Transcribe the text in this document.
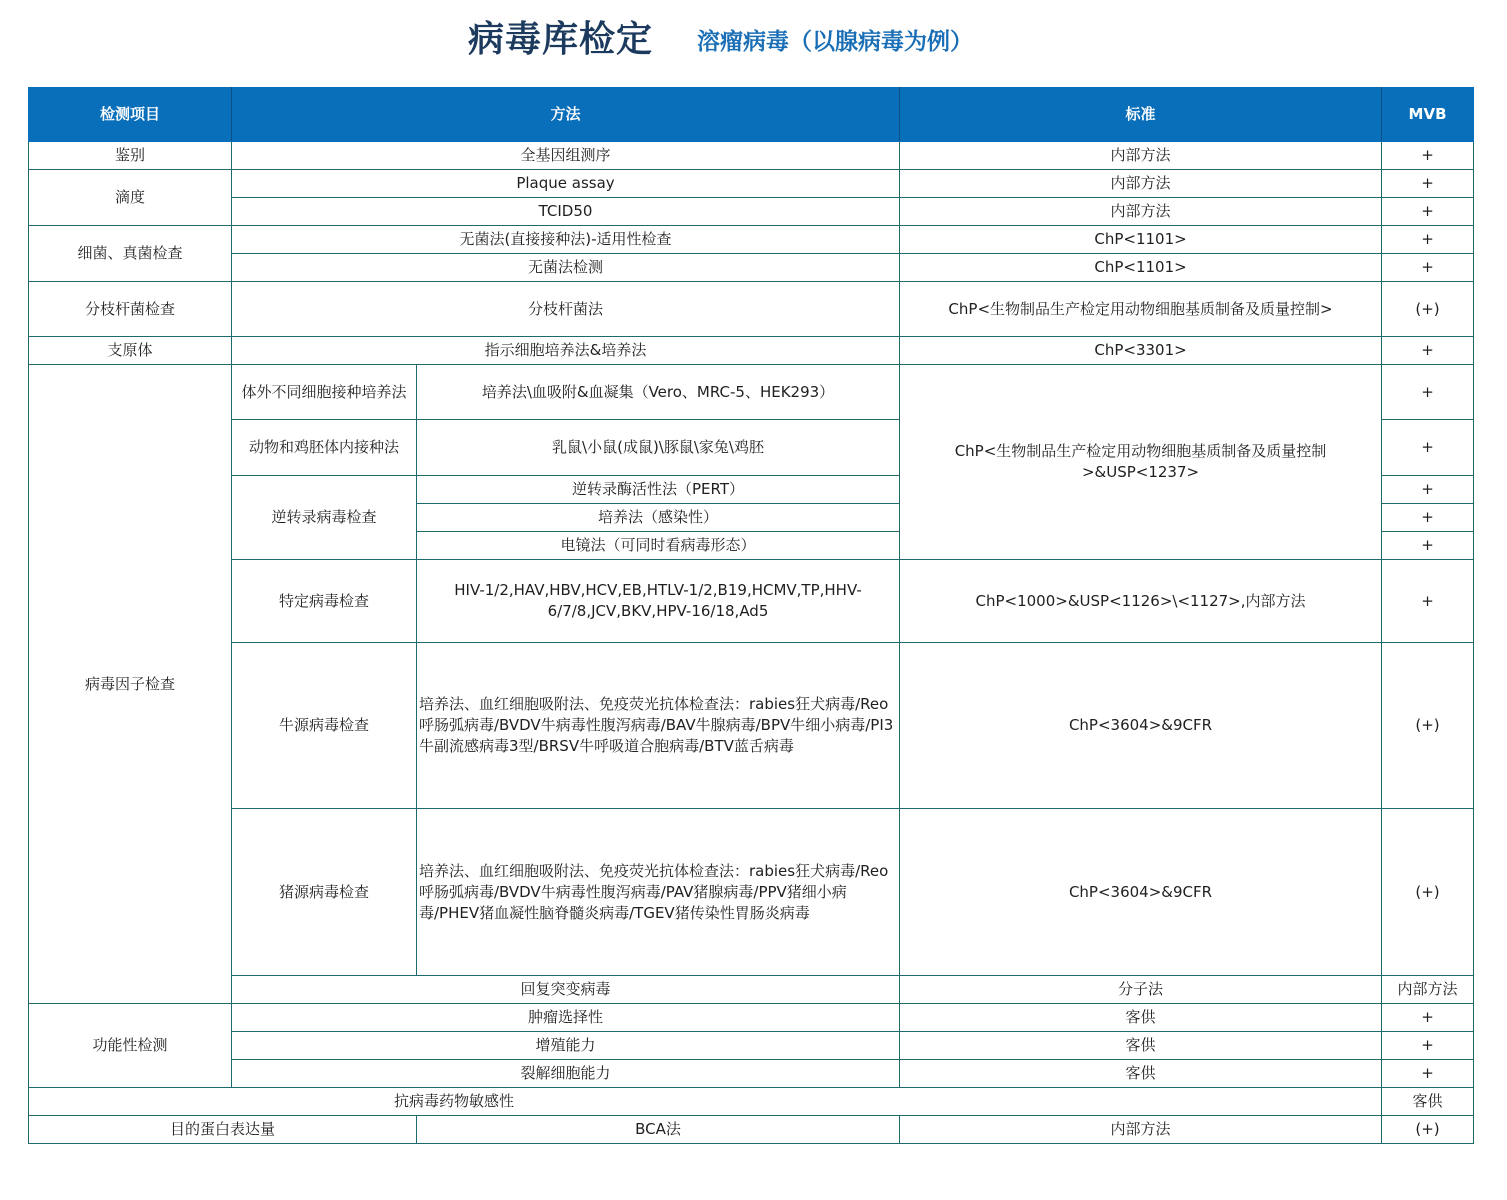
病毒库检定 溶瘤病毒（以腺病毒为例）
检测项目	方法		标准	MVB	
鉴别	全基因组测序		内部方法	+	
滴度	Plaque assay		内部方法	+	
	TCID50		内部方法	+	
细菌、真菌检查	无菌法(直接接种法)-适用性检查		ChP<1101>	+	
	无菌法检测		ChP<1101>	+	
分枝杆菌检查	分枝杆菌法		ChP<生物制品生产检定用动物细胞基质制备及质量控制>	(+)	
支原体	指示细胞培养法&培养法		ChP<3301>	+	
病毒因子检查	体外不同细胞接种培养法	培养法\血吸附&血凝集（Vero、MRC-5、HEK293）	ChP<生物制品生产检定用动物细胞基质制备及质量控制>&USP<1237>	+	
	动物和鸡胚体内接种法	乳鼠\小鼠(成鼠)\豚鼠\家兔\鸡胚		+	
	逆转录病毒检查	逆转录酶活性法（PERT）		+	
		培养法（感染性）		+	
		电镜法（可同时看病毒形态）		+	
	特定病毒检查	HIV-1/2,HAV,HBV,HCV,EB,HTLV-1/2,B19,HCMV,TP,HHV-6/7/8,JCV,BKV,HPV-16/18,Ad5	ChP<1000>&USP<1126>\<1127>,内部方法	+	
	牛源病毒检查	培养法、血红细胞吸附法、免疫荧光抗体检查法：rabies狂犬病毒/Reo呼肠弧病毒/BVDV牛病毒性腹泻病毒/BAV牛腺病毒/BPV牛细小病毒/PI3牛副流感病毒3型/BRSV牛呼吸道合胞病毒/BTV蓝舌病毒	ChP<3604>&9CFR	(+)	
	猪源病毒检查	培养法、血红细胞吸附法、免疫荧光抗体检查法：rabies狂犬病毒/Reo呼肠弧病毒/BVDV牛病毒性腹泻病毒/PAV猪腺病毒/PPV猪细小病毒/PHEV猪血凝性脑脊髓炎病毒/TGEV猪传染性胃肠炎病毒	ChP<3604>&9CFR	(+)	
	回复突变病毒		分子法	内部方法	
功能性检测	肿瘤选择性		客供	+	
	增殖能力		客供	+	
	裂解细胞能力		客供	+	
抗病毒药物敏感性				客供	
目的蛋白表达量		BCA法	内部方法	(+)	
